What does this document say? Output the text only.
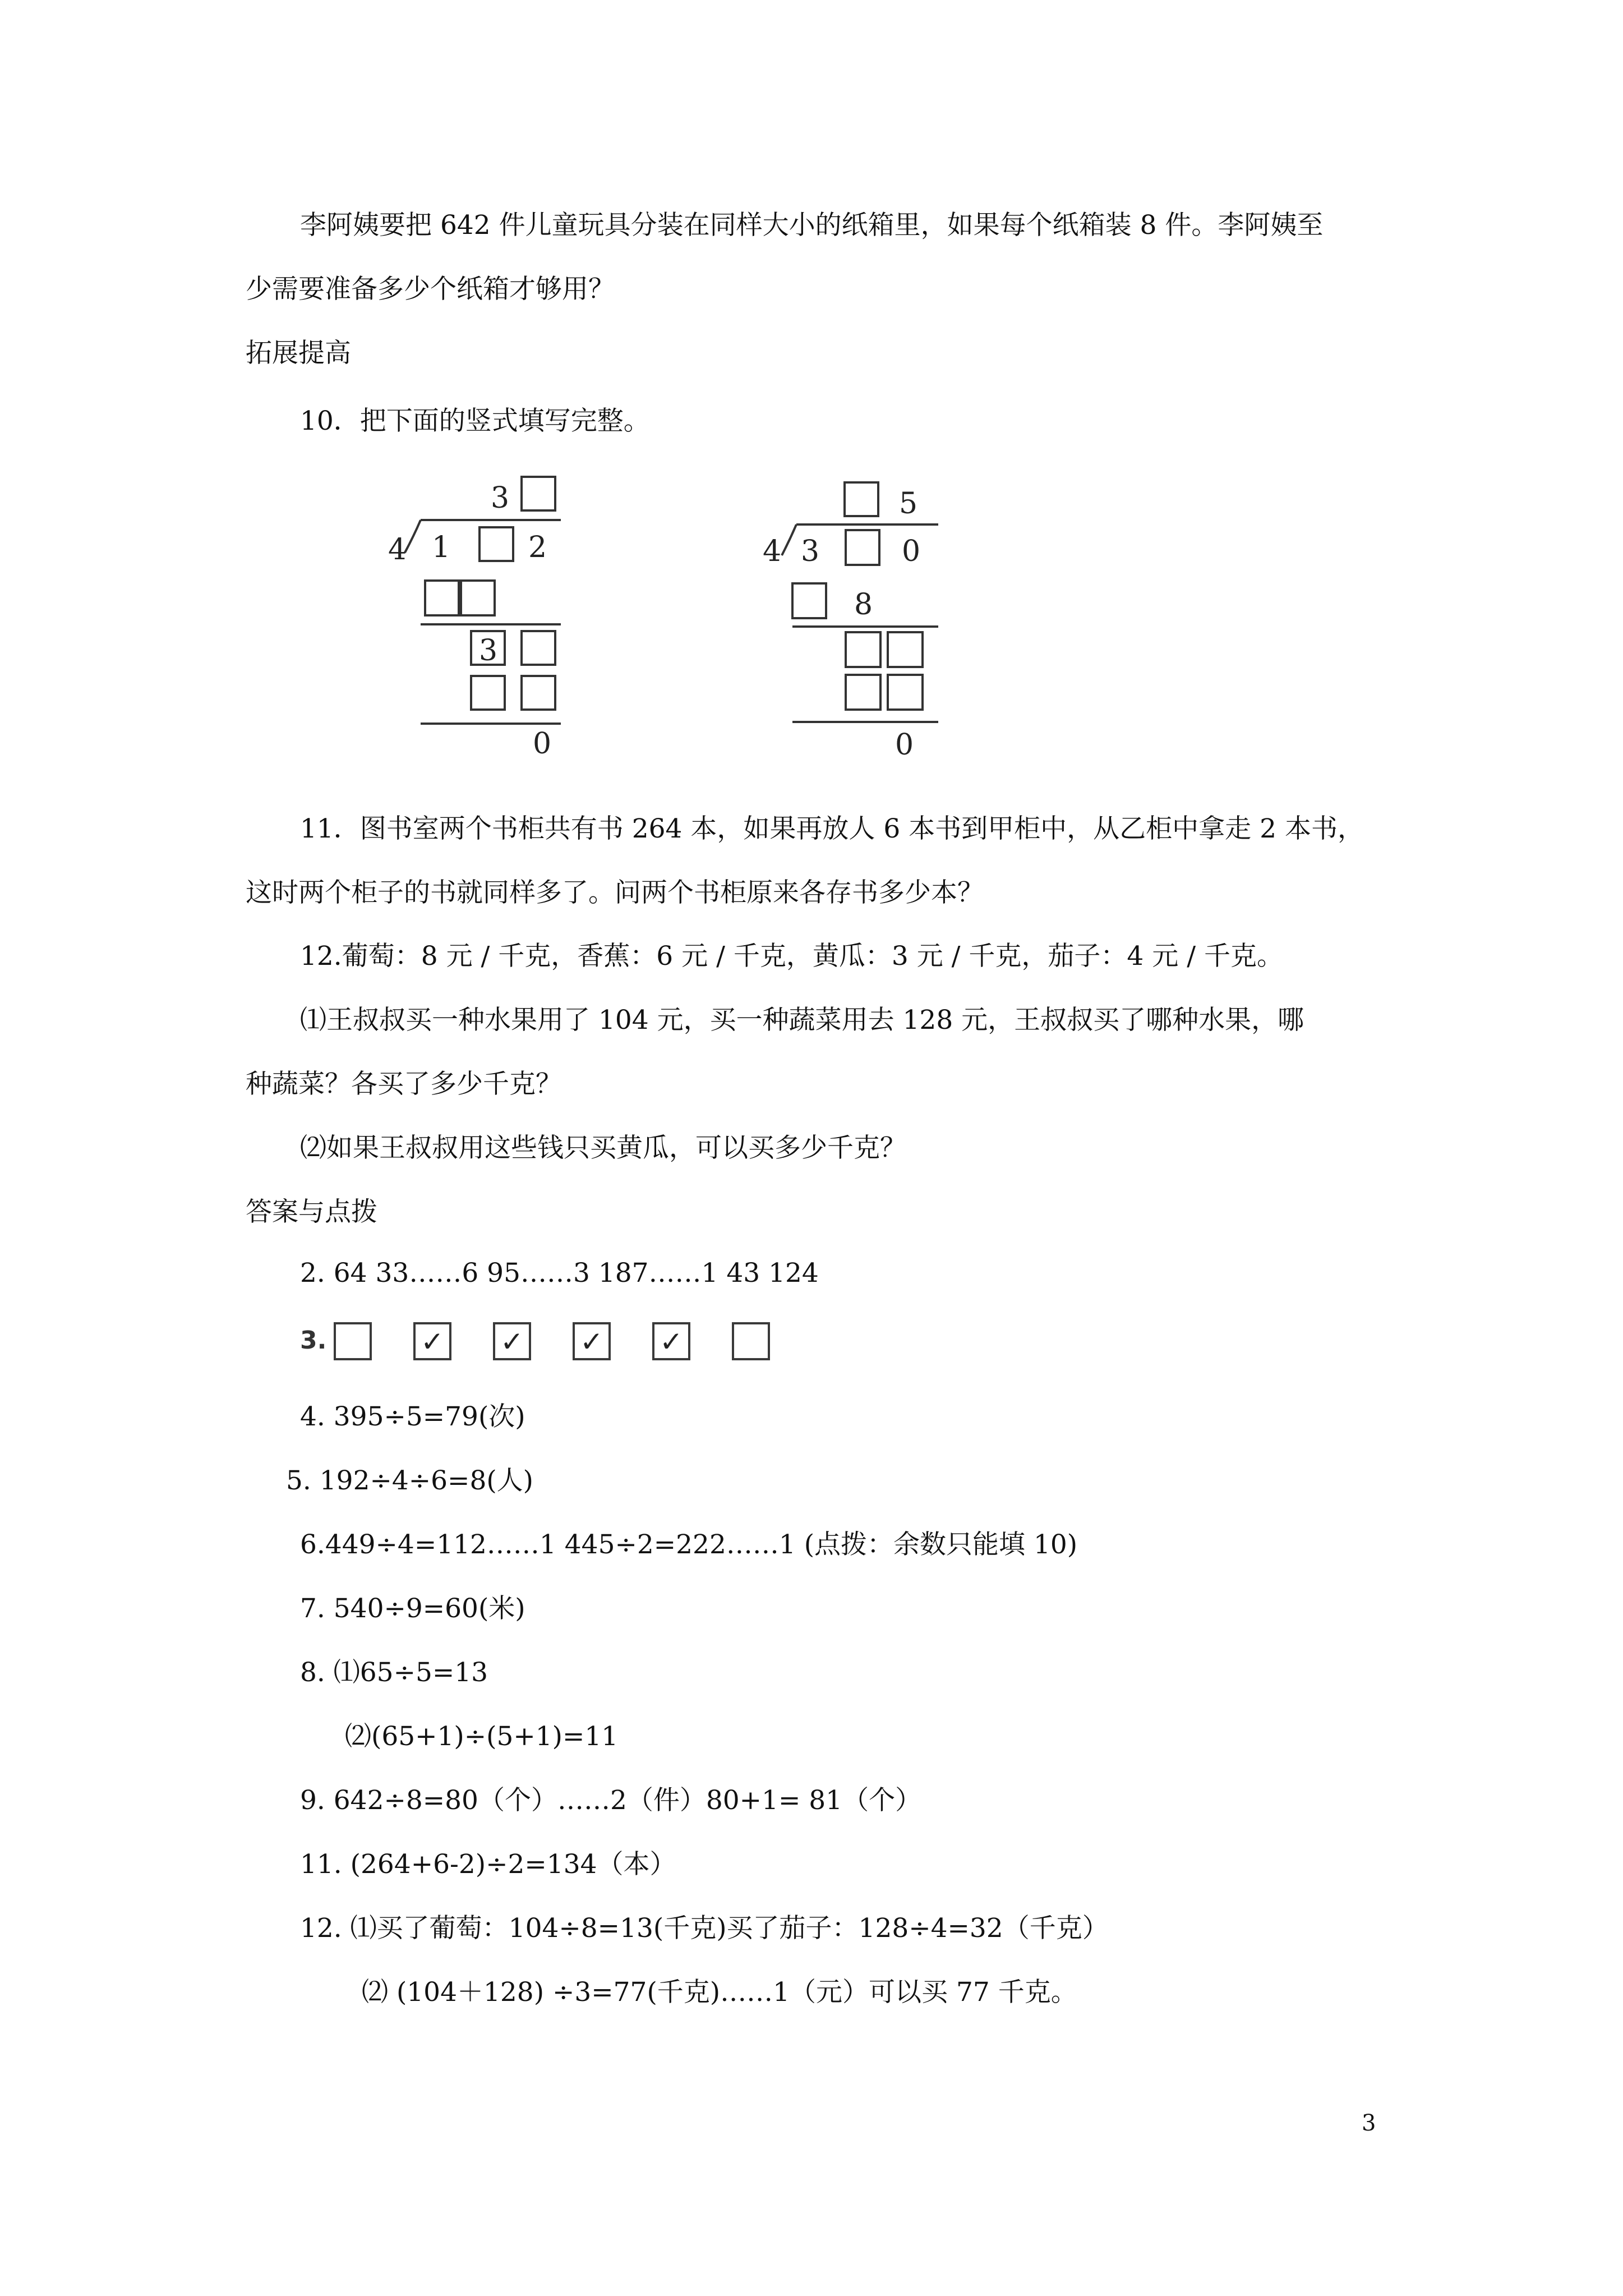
李阿姨要把 642 件儿童玩具分装在同样大小的纸箱里，如果每个纸箱装 8 件。李阿姨至
少需要准备多少个纸箱才够用？
拓展提高
10．把下面的竖式填写完整。
3
4 1	2
3
0
5
4 3	0
8
0
11．图书室两个书柜共有书 264 本，如果再放人 6 本书到甲柜中，从乙柜中拿走 2 本书，
这时两个柜子的书就同样多了。问两个书柜原来各存书多少本？
12.葡萄：8 元 / 千克，香蕉：6 元 / 千克，黄瓜：3 元 / 千克，茄子：4 元 / 千克。
⑴王叔叔买一种水果用了 104 元，买一种蔬菜用去 128 元，王叔叔买了哪种水果，哪
种蔬菜？各买了多少千克？
⑵如果王叔叔用这些钱只买黄瓜，可以买多少千克？
答案与点拨
2. 64 33……6 95……3 187……1 43 124
3.	✓ ✓ ✓ ✓
4. 395÷5=79(次)
5. 192÷4÷6=8(人)
6.449÷4=112……1 445÷2=222……1 (点拨：余数只能填 10)
7. 540÷9=60(米)
8. ⑴65÷5=13
⑵(65+1)÷(5+1)=11
9. 642÷8=80（个）……2（件）80+1= 81（个）
11. (264+6-2)÷2=134（本）
12. ⑴买了葡萄：104÷8=13(千克)买了茄子：128÷4=32（千克）
⑵ (104＋128) ÷3=77(千克)……1（元）可以买 77 千克。
3
